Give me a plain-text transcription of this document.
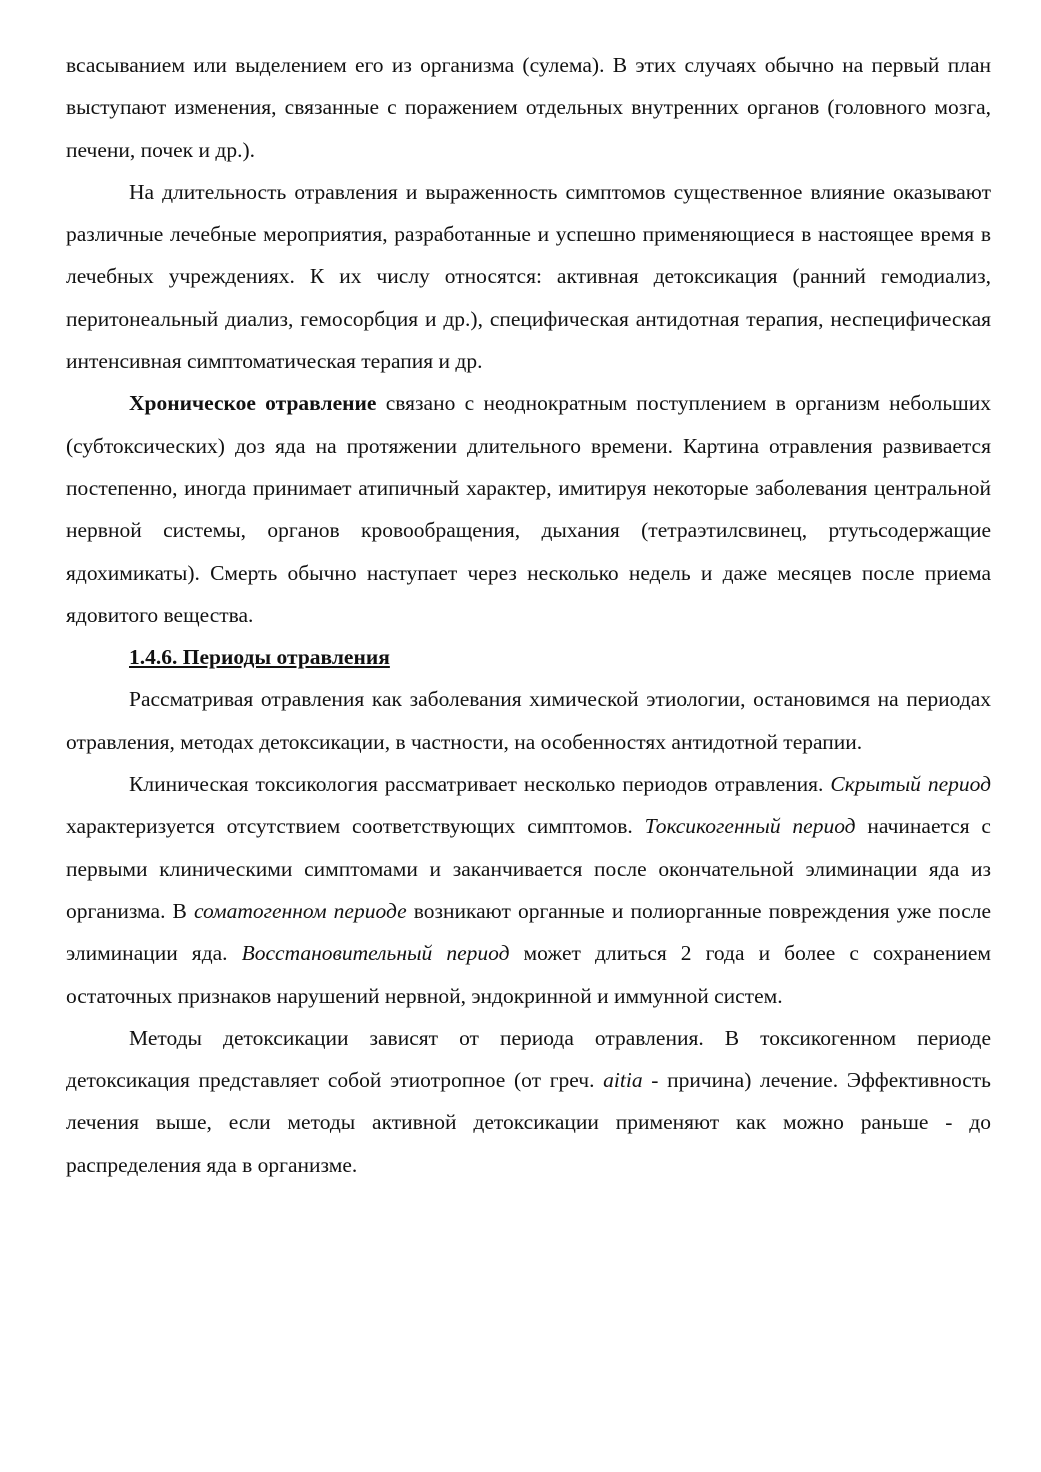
всасыванием или выделением его из организма (сулема). В этих случаях обычно на первый план выступают изменения, связанные с поражением отдельных внутренних органов (головного мозга, печени, почек и др.).

На длительность отравления и выраженность симптомов существенное влияние оказывают различные лечебные мероприятия, разработанные и успешно применяющиеся в настоящее время в лечебных учреждениях. К их числу относятся: активная детоксикация (ранний гемодиализ, перитонеальный диализ, гемосорбция и др.), специфическая антидотная терапия, неспецифическая интенсивная симптоматическая терапия и др.

Хроническое отравление связано с неоднократным поступлением в организм небольших (субтоксических) доз яда на протяжении длительного времени. Картина отравления развивается постепенно, иногда принимает атипичный характер, имитируя некоторые заболевания центральной нервной системы, органов кровообращения, дыхания (тетраэтилсвинец, ртутьсодержащие ядохимикаты). Смерть обычно наступает через несколько недель и даже месяцев после приема ядовитого вещества.

1.4.6. Периоды отравления

Рассматривая отравления как заболевания химической этиологии, остановимся на периодах отравления, методах детоксикации, в частности, на особенностях антидотной терапии.

Клиническая токсикология рассматривает несколько периодов отравления. Скрытый период характеризуется отсутствием соответствующих симптомов. Токсикогенный период начинается с первыми клиническими симптомами и заканчивается после окончательной элиминации яда из организма. В соматогенном периоде возникают органные и полиорганные повреждения уже после элиминации яда. Восстановительный период может длиться 2 года и более с сохранением остаточных признаков нарушений нервной, эндокринной и иммунной систем.

Методы детоксикации зависят от периода отравления. В токсикогенном периоде детоксикация представляет собой этиотропное (от греч. aitia - причина) лечение. Эффективность лечения выше, если методы активной детоксикации применяют как можно раньше - до распределения яда в организме.
